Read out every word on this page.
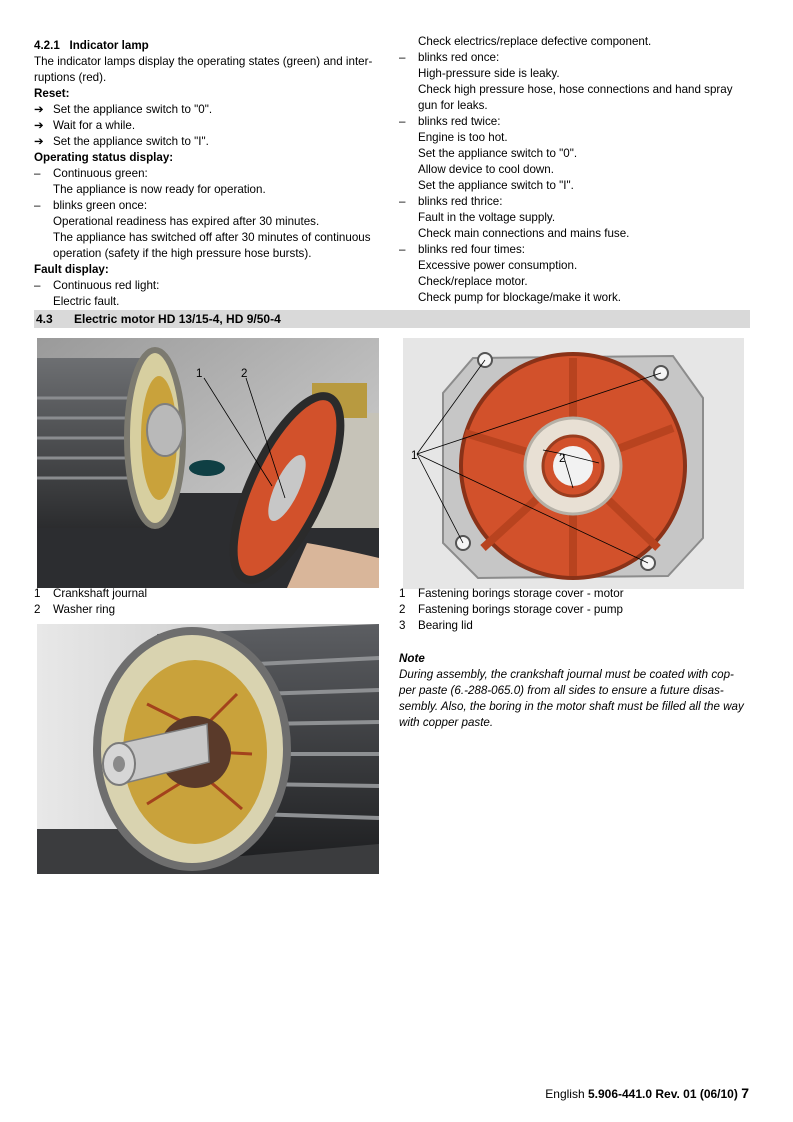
4.2.1 Indicator lamp
The indicator lamps display the operating states (green) and inter-
ruptions (red).
Reset:
➔ Set the appliance switch to "0".
➔ Wait for a while.
➔ Set the appliance switch to "I".
Operating status display:
– Continuous green:
The appliance is now ready for operation.
– blinks green once:
Operational readiness has expired after 30 minutes.
The appliance has switched off after 30 minutes of continuous
operation (safety if the high pressure hose bursts).
Fault display:
– Continuous red light:
Electric fault.
Check electrics/replace defective component.
– blinks red once:
High-pressure side is leaky.
Check high pressure hose, hose connections and hand spray
gun for leaks.
– blinks red twice:
Engine is too hot.
Set the appliance switch to "0".
Allow device to cool down.
Set the appliance switch to "I".
– blinks red thrice:
Fault in the voltage supply.
Check main connections and mains fuse.
– blinks red four times:
Excessive power consumption.
Check/replace motor.
Check pump for blockage/make it work.
4.3 Electric motor HD 13/15-4, HD 9/50-4
1	2
1	2
1 Crankshaft journal
2 Washer ring
1 Fastening borings storage cover - motor
2 Fastening borings storage cover - pump
3 Bearing lid
Note
During assembly, the crankshaft journal must be coated with cop-
per paste (6.-288-065.0) from all sides to ensure a future disas-
sembly. Also, the boring in the motor shaft must be filled all the way
with copper paste.
English 5.906-441.0 Rev. 01 (06/10) 7
